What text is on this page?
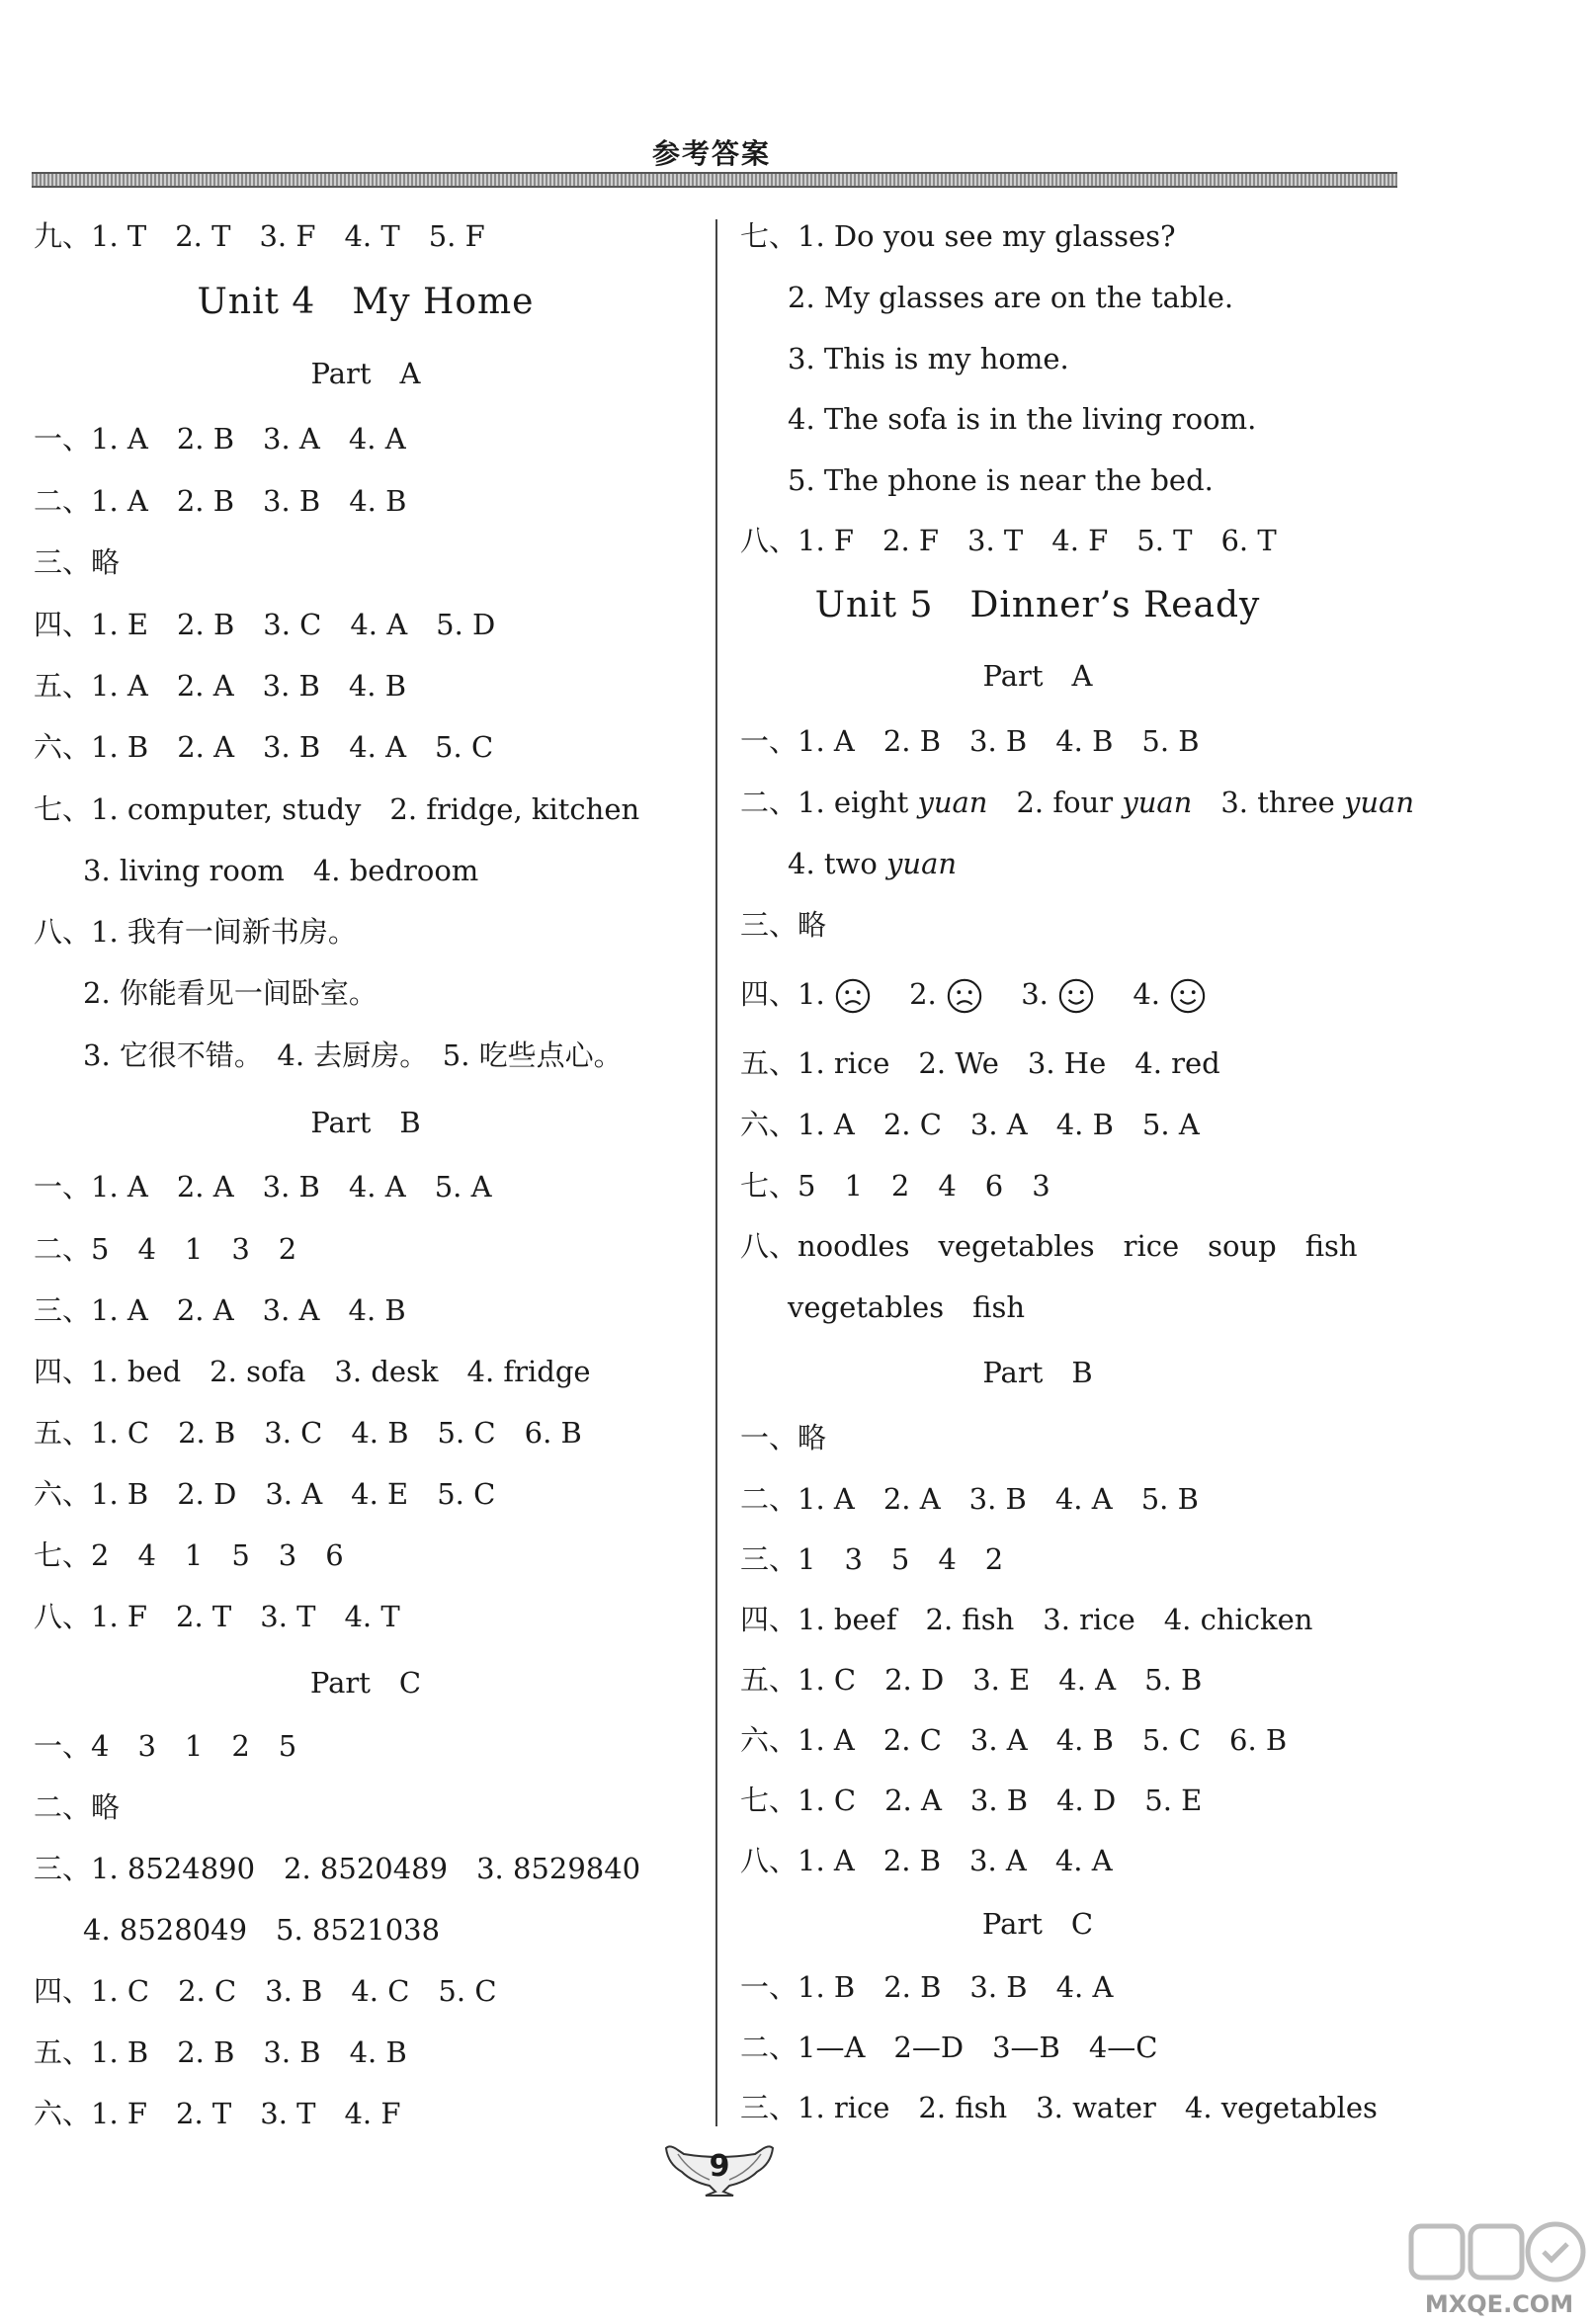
参考答案
九、1. T　2. T　3. F　4. T　5. F
Unit 4　My Home
Part　A
一、1. A　2. B　3. A　4. A
二、1. A　2. B　3. B　4. B
三、略
四、1. E　2. B　3. C　4. A　5. D
五、1. A　2. A　3. B　4. B
六、1. B　2. A　3. B　4. A　5. C
七、1. computer, study　2. fridge, kitchen
3. living room　4. bedroom
八、1. 我有一间新书房。
2. 你能看见一间卧室。
3. 它很不错。　4. 去厨房。　5. 吃些点心。
Part　B
一、1. A　2. A　3. B　4. A　5. A
二、5　4　1　3　2
三、1. A　2. A　3. A　4. B
四、1. bed　2. sofa　3. desk　4. fridge
五、1. C　2. B　3. C　4. B　5. C　6. B
六、1. B　2. D　3. A　4. E　5. C
七、2　4　1　5　3　6
八、1. F　2. T　3. T　4. T
Part　C
一、4　3　1　2　5
二、略
三、1. 8524890　2. 8520489　3. 8529840
4. 8528049　5. 8521038
四、1. C　2. C　3. B　4. C　5. C
五、1. B　2. B　3. B　4. B
六、1. F　2. T　3. T　4. F
七、1. Do you see my glasses?
2. My glasses are on the table.
3. This is my home.
4. The sofa is in the living room.
5. The phone is near the bed.
八、1. F　2. F　3. T　4. F　5. T　6. T
Unit 5　Dinner’s Ready
Part　A
一、1. A　2. B　3. B　4. B　5. B
二、1. eight yuan　2. four yuan　3. three yuan
4. two yuan
三、略
四、1.  　2.  　3.  　4.
五、1. rice　2. We　3. He　4. red
六、1. A　2. C　3. A　4. B　5. A
七、5　1　2　4　6　3
八、noodles　vegetables　rice　soup　fish
vegetables　fish
Part　B
一、略
二、1. A　2. A　3. B　4. A　5. B
三、1　3　5　4　2
四、1. beef　2. fish　3. rice　4. chicken
五、1. C　2. D　3. E　4. A　5. B
六、1. A　2. C　3. A　4. B　5. C　6. B
七、1. C　2. A　3. B　4. D　5. E
八、1. A　2. B　3. A　4. A
Part　C
一、1. B　2. B　3. B　4. A
二、1—A　2—D　3—B　4—C
三、1. rice　2. fish　3. water　4. vegetables
9
MXQE.COM
